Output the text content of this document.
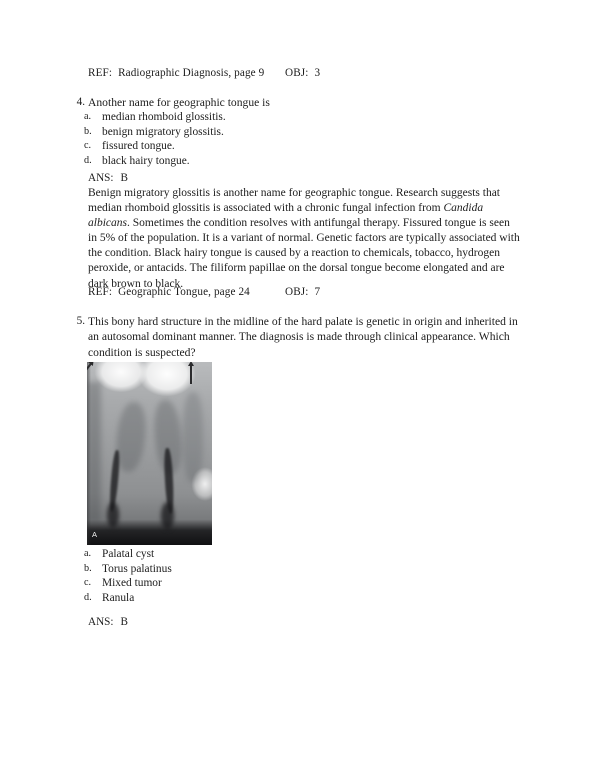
REF: Radiographic Diagnosis, page 9 OBJ: 3
4. Another name for geographic tongue is
a. median rhomboid glossitis.
b. benign migratory glossitis.
c. fissured tongue.
d. black hairy tongue.
ANS: B
Benign migratory glossitis is another name for geographic tongue. Research suggests that median rhomboid glossitis is associated with a chronic fungal infection from Candida albicans. Sometimes the condition resolves with antifungal therapy. Fissured tongue is seen in 5% of the population. It is a variant of normal. Genetic factors are typically associated with the condition. Black hairy tongue is caused by a reaction to chemicals, tobacco, hydrogen peroxide, or antacids. The filiform papillae on the dorsal tongue become elongated and are dark brown to black.
REF: Geographic Tongue, page 24	OBJ: 7
5. This bony hard structure in the midline of the hard palate is genetic in origin and inherited in an autosomal dominant manner. The diagnosis is made through clinical appearance. Which condition is suspected?
A
a. Palatal cyst
b. Torus palatinus
c. Mixed tumor
d. Ranula
ANS: B
